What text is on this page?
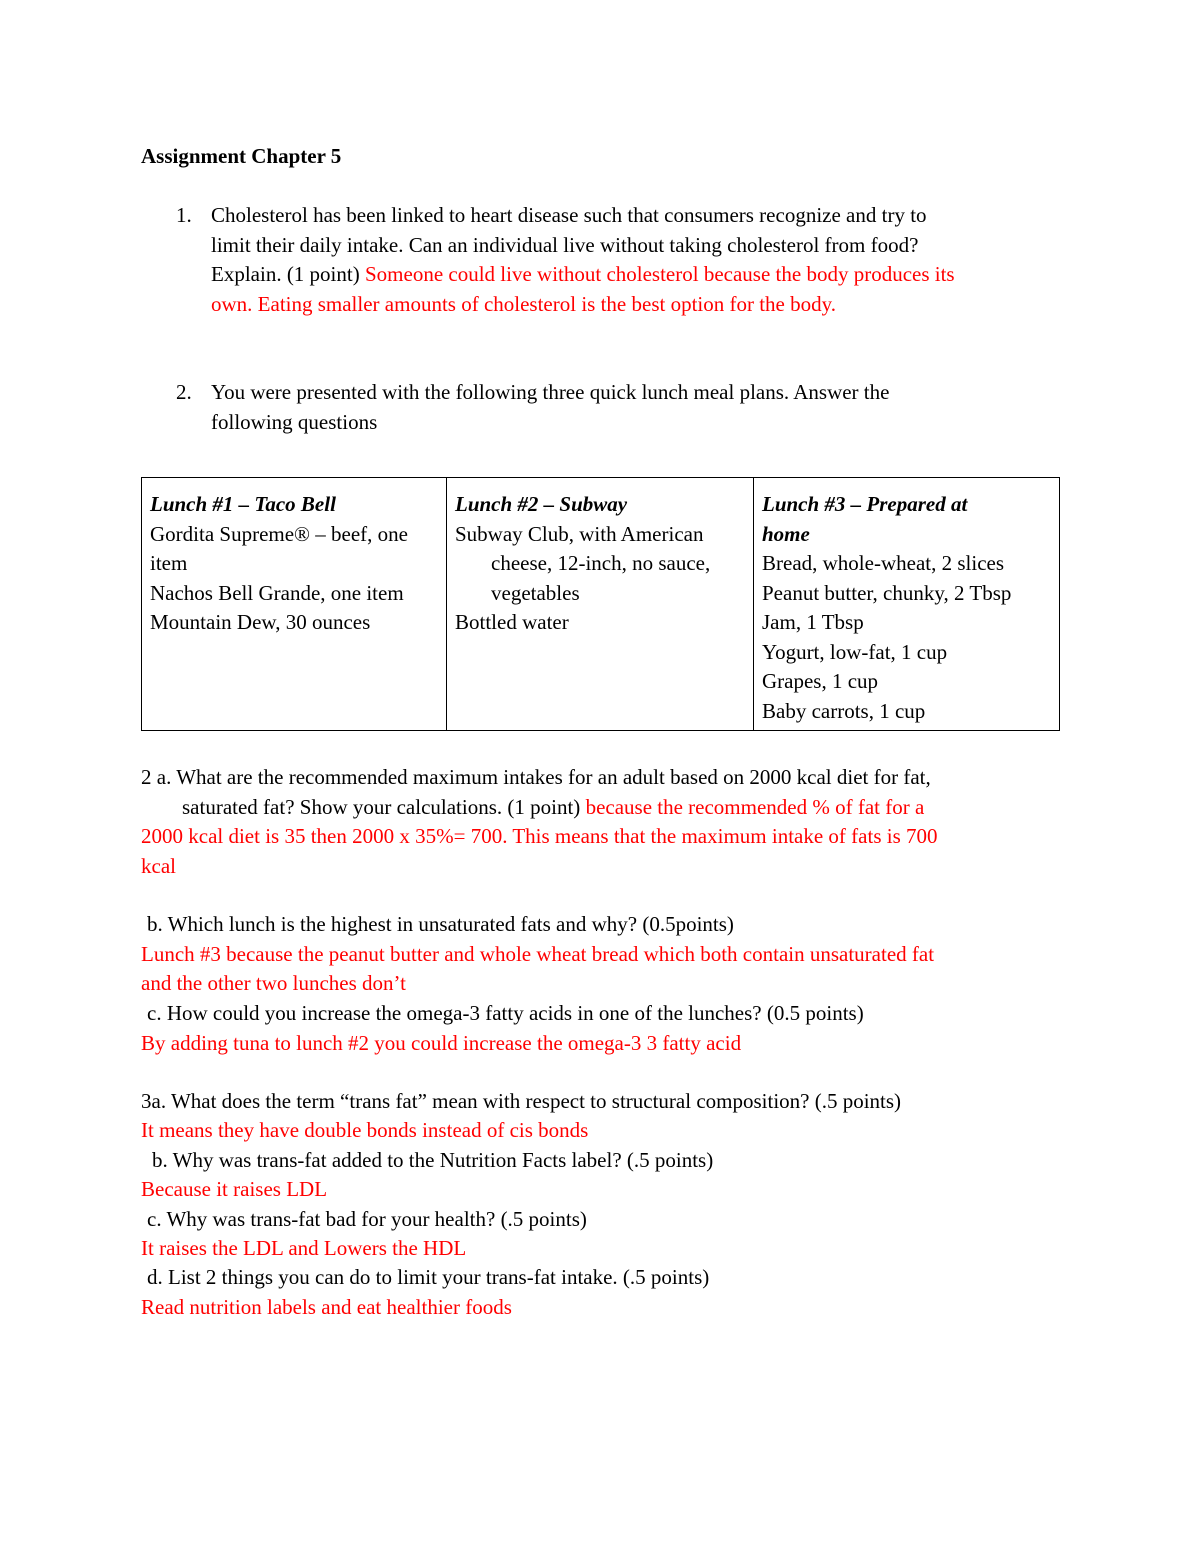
Assignment Chapter 5
1. Cholesterol has been linked to heart disease such that consumers recognize and try to
limit their daily intake. Can an individual live without taking cholesterol from food?
Explain. (1 point) Someone could live without cholesterol because the body produces its
own. Eating smaller amounts of cholesterol is the best option for the body.
2. You were presented with the following three quick lunch meal plans. Answer the
following questions
Lunch #1 – Taco Bell
Gordita Supreme® – beef, one
item
Nachos Bell Grande, one item
Mountain Dew, 30 ounces

Lunch #2 – Subway
Subway Club, with American
cheese, 12-inch, no sauce,
vegetables
Bottled water

Lunch #3 – Prepared at
home
Bread, whole-wheat, 2 slices
Peanut butter, chunky, 2 Tbsp
Jam, 1 Tbsp
Yogurt, low-fat, 1 cup
Grapes, 1 cup
Baby carrots, 1 cup
2 a. What are the recommended maximum intakes for an adult based on 2000 kcal diet for fat,
saturated fat? Show your calculations. (1 point) because the recommended % of fat for a
2000 kcal diet is 35 then 2000 x 35%= 700. This means that the maximum intake of fats is 700
kcal
b. Which lunch is the highest in unsaturated fats and why? (0.5points)
Lunch #3 because the peanut butter and whole wheat bread which both contain unsaturated fat
and the other two lunches don’t
c. How could you increase the omega-3 fatty acids in one of the lunches? (0.5 points)
By adding tuna to lunch #2 you could increase the omega-3 3 fatty acid
3a. What does the term “trans fat” mean with respect to structural composition? (.5 points)
It means they have double bonds instead of cis bonds
b. Why was trans-fat added to the Nutrition Facts label? (.5 points)
Because it raises LDL
c. Why was trans-fat bad for your health? (.5 points)
It raises the LDL and Lowers the HDL
d. List 2 things you can do to limit your trans-fat intake. (.5 points)
Read nutrition labels and eat healthier foods
